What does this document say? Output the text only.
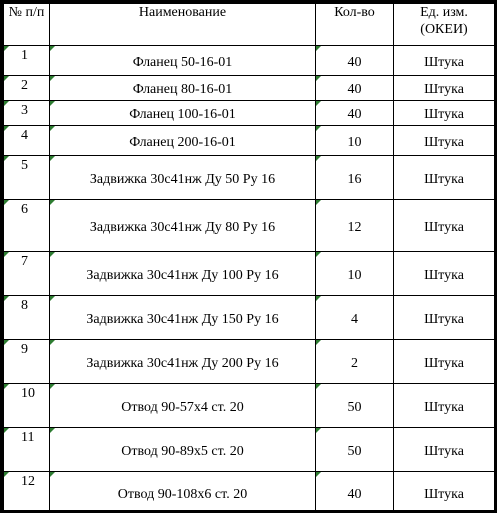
№ п/п	Наименование	Кол-во	Ед. изм.
(ОКЕИ)

1	Фланец 50-16-01	40	Штука

2	Фланец 80-16-01	40	Штука

3	Фланец 100-16-01	40	Штука

4	Фланец 200-16-01	10	Штука

5	Задвижка 30с41нж Ду 50 Ру 16	16	Штука

6	Задвижка 30с41нж Ду 80 Ру 16	12	Штука

7	Задвижка 30с41нж Ду 100 Ру 16	10	Штука

8	Задвижка 30с41нж Ду 150 Ру 16	4	Штука

9	Задвижка 30с41нж Ду 200 Ру 16	2	Штука

10	Отвод 90-57х4 ст. 20	50	Штука

11	Отвод 90-89х5 ст. 20	50	Штука

12	Отвод 90-108х6 ст. 20	40	Штука
